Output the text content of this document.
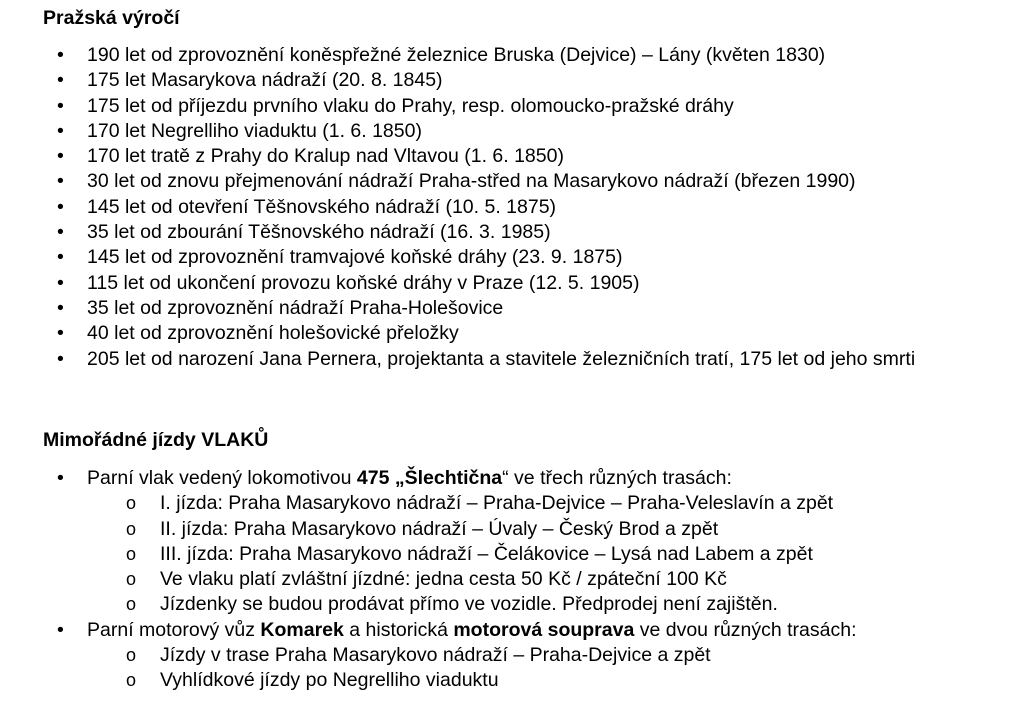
Pražská výročí
• 190 let od zprovoznění koněspřežné železnice Bruska (Dejvice) – Lány (květen 1830)
• 175 let Masarykova nádraží (20. 8. 1845)
• 175 let od příjezdu prvního vlaku do Prahy, resp. olomoucko-pražské dráhy
• 170 let Negrelliho viaduktu (1. 6. 1850)
• 170 let tratě z Prahy do Kralup nad Vltavou (1. 6. 1850)
• 30 let od znovu přejmenování nádraží Praha-střed na Masarykovo nádraží (březen 1990)
• 145 let od otevření Těšnovského nádraží (10. 5. 1875)
• 35 let od zbourání Těšnovského nádraží (16. 3. 1985)
• 145 let od zprovoznění tramvajové koňské dráhy (23. 9. 1875)
• 115 let od ukončení provozu koňské dráhy v Praze (12. 5. 1905)
• 35 let od zprovoznění nádraží Praha-Holešovice
• 40 let od zprovoznění holešovické přeložky
• 205 let od narození Jana Pernera, projektanta a stavitele železničních tratí, 175 let od jeho smrti
Mimořádné jízdy VLAKŮ
• Parní vlak vedený lokomotivou 475 „Šlechtična“ ve třech různých trasách:
o I. jízda: Praha Masarykovo nádraží – Praha-Dejvice – Praha-Veleslavín a zpět
o II. jízda: Praha Masarykovo nádraží – Úvaly – Český Brod a zpět
o III. jízda: Praha Masarykovo nádraží – Čelákovice – Lysá nad Labem a zpět
o Ve vlaku platí zvláštní jízdné: jedna cesta 50 Kč / zpáteční 100 Kč
o Jízdenky se budou prodávat přímo ve vozidle. Předprodej není zajištěn.
• Parní motorový vůz Komarek a historická motorová souprava ve dvou různých trasách:
o Jízdy v trase Praha Masarykovo nádraží – Praha-Dejvice a zpět
o Vyhlídkové jízdy po Negrelliho viaduktu
